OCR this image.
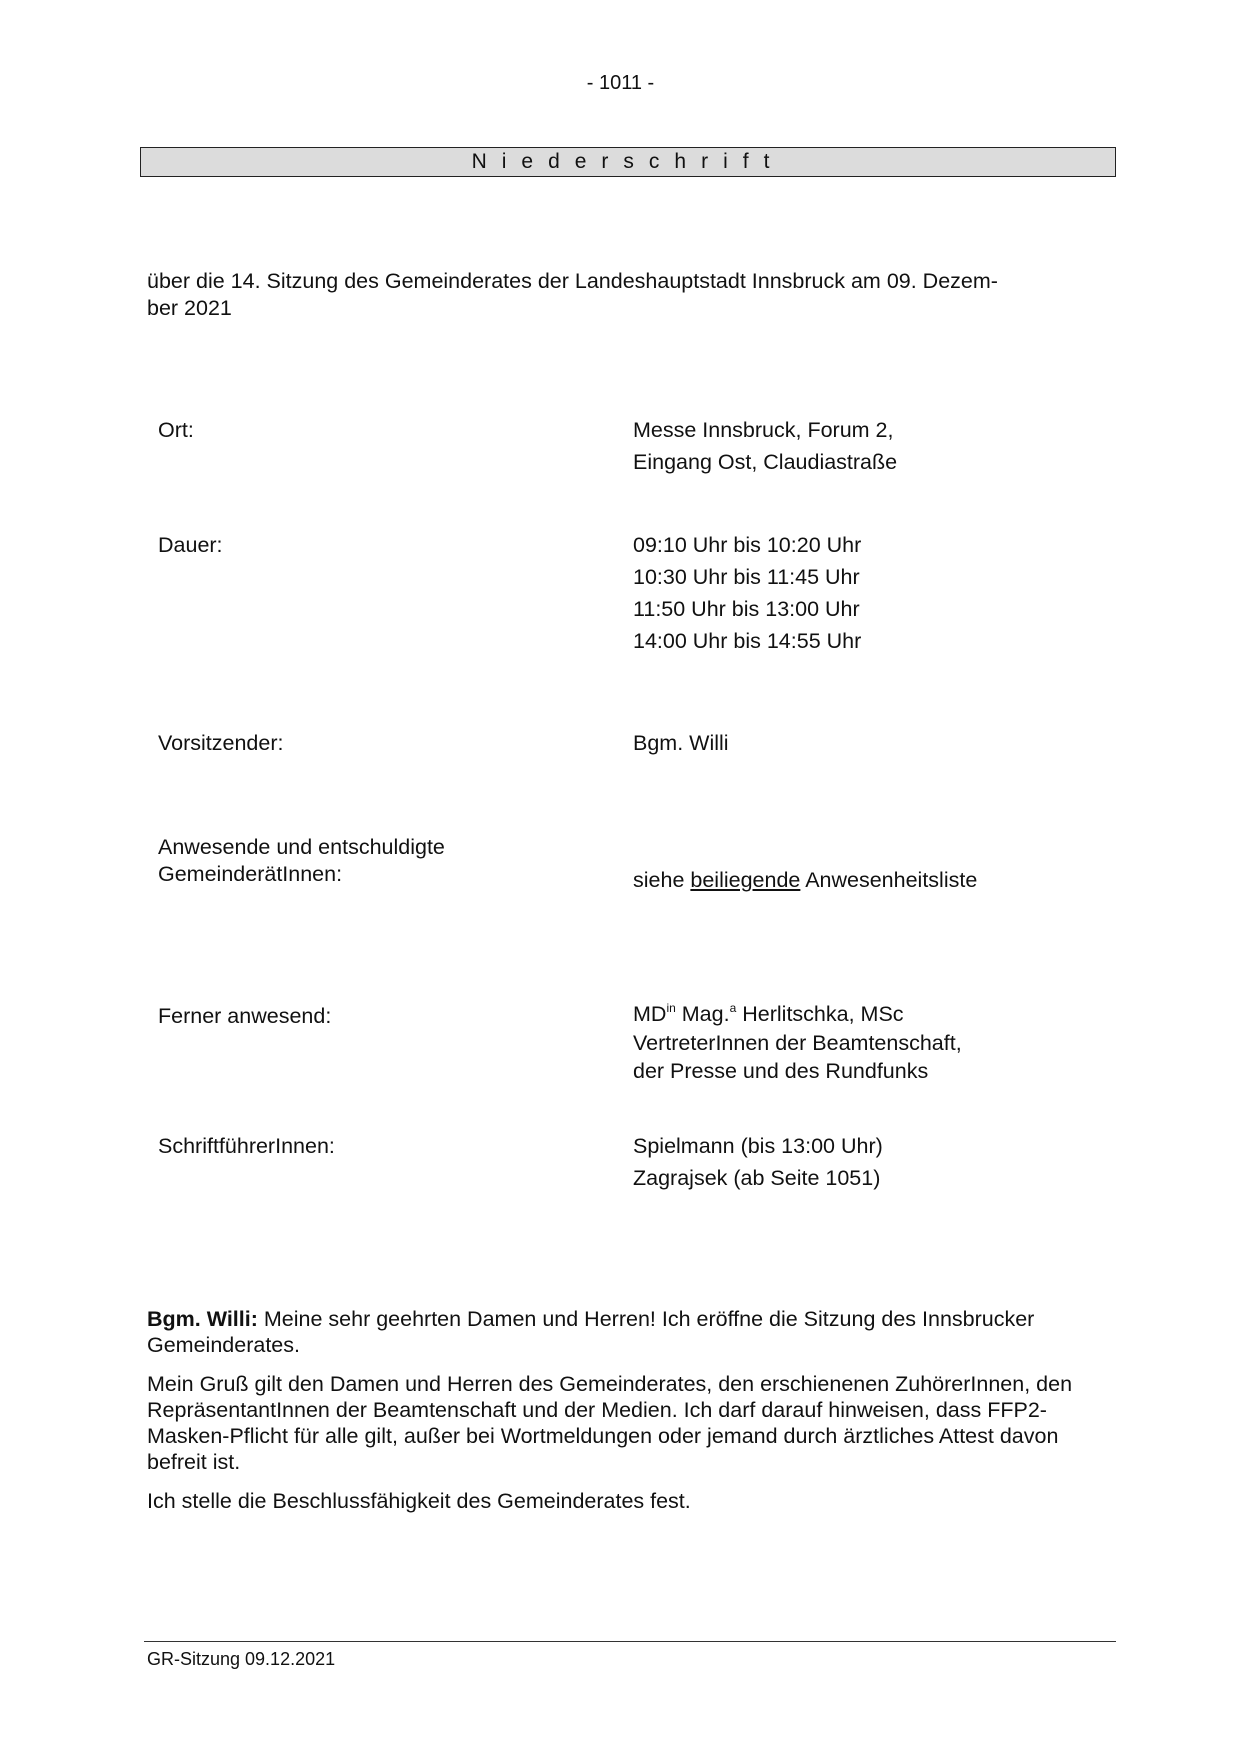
- 1011 -
Niederschrift

über die 14. Sitzung des Gemeinderates der Landeshauptstadt Innsbruck am 09. Dezem-
ber 2021

Ort:	Messe Innsbruck, Forum 2,
Eingang Ost, Claudiastraße
Dauer:	09:10 Uhr bis 10:20 Uhr
10:30 Uhr bis 11:45 Uhr
11:50 Uhr bis 13:00 Uhr
14:00 Uhr bis 14:55 Uhr
Vorsitzender:	Bgm. Willi
Anwesende und entschuldigte
GemeinderätInnen:	siehe beiliegende Anwesenheitsliste
Ferner anwesend:	$MD^{in}$ Mag.$^a$ Herlitschka, MSc
VertreterInnen der Beamtenschaft,
der Presse und des Rundfunks
SchriftführerInnen:	Spielmann (bis 13:00 Uhr)
Zagrajsek (ab Seite 1051)

Bgm. Willi: Meine sehr geehrten Damen und Herren! Ich eröffne die Sitzung des Innsbrucker Gemeinderates.

Mein Gruß gilt den Damen und Herren des Gemeinderates, den erschienenen ZuhörerInnen, den RepräsentantInnen der Beamtenschaft und der Medien. Ich darf darauf hinweisen, dass FFP2-Masken-Pflicht für alle gilt, außer bei Wortmeldungen oder jemand durch ärztliches Attest davon befreit ist.

Ich stelle die Beschlussfähigkeit des Gemeinderates fest.

GR-Sitzung 09.12.2021
